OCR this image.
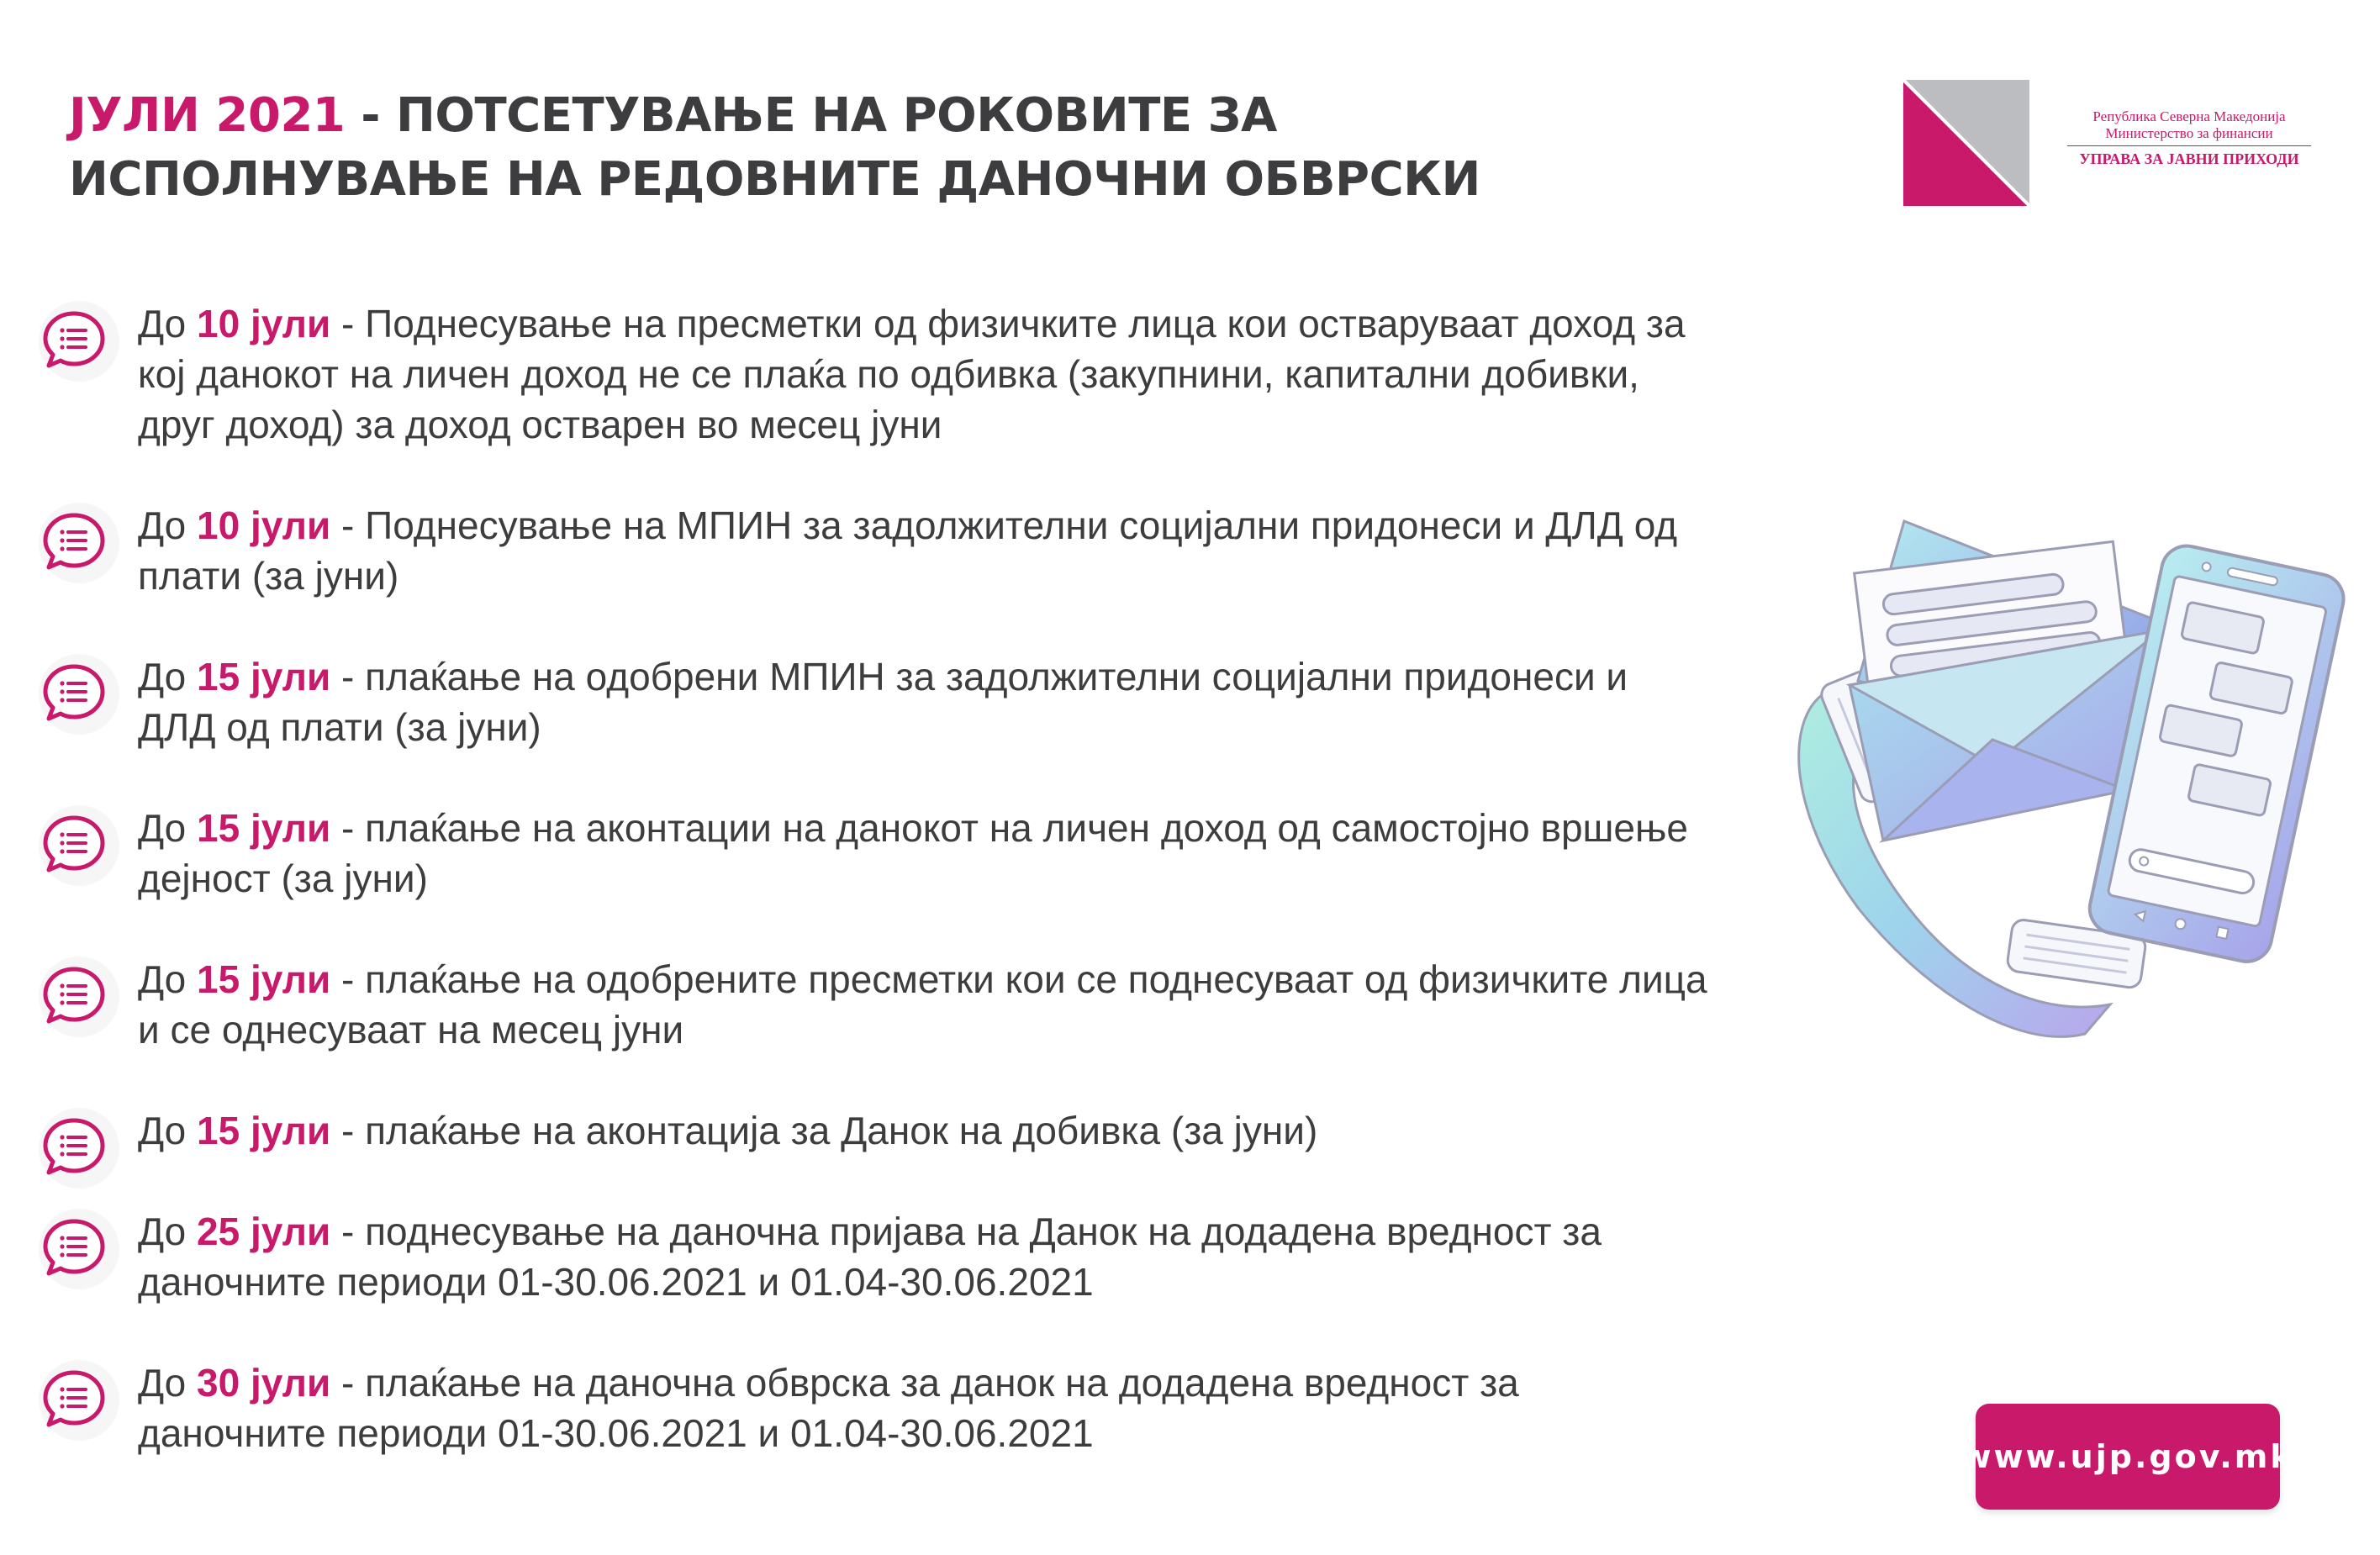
ЈУЛИ 2021 - ПОТСЕТУВАЊЕ НА РОКОВИТЕ ЗА
ИСПОЛНУВАЊЕ НА РЕДОВНИТЕ ДАНОЧНИ ОБВРСКИ
Република Северна Македонија
Министерство за финансии
УПРАВА ЗА ЈАВНИ ПРИХОДИ
До 10 јули - Поднесување на пресметки од физичките лица кои остваруваат доход за кој данокот на личен доход не се плаќа по одбивка (закупнини, капитални добивки, друг доход) за доход остварен во месец јуни
До 10 јули - Поднесување на МПИН за задолжителни социјални придонеси и ДЛД од плати (за јуни)
До 15 јули - плаќање на одобрени МПИН за задолжителни социјални придонеси и ДЛД од плати (за јуни)
До 15 јули - плаќање на аконтации на данокот на личен доход од самостојно вршење дејност (за јуни)
До 15 јули - плаќање на одобрените пресметки кои се поднесуваат од физичките лица и се однесуваат на месец јуни
До 15 јули - плаќање на аконтација за Данок на добивка (за јуни)
До 25 јули - поднесување на даночна пријава на Данок на додадена вредност за даночните периоди 01-30.06.2021 и 01.04-30.06.2021
До 30 јули - плаќање на даночна обврска за данок на додадена вредност за даночните периоди 01-30.06.2021 и 01.04-30.06.2021
www.ujp.gov.mk
